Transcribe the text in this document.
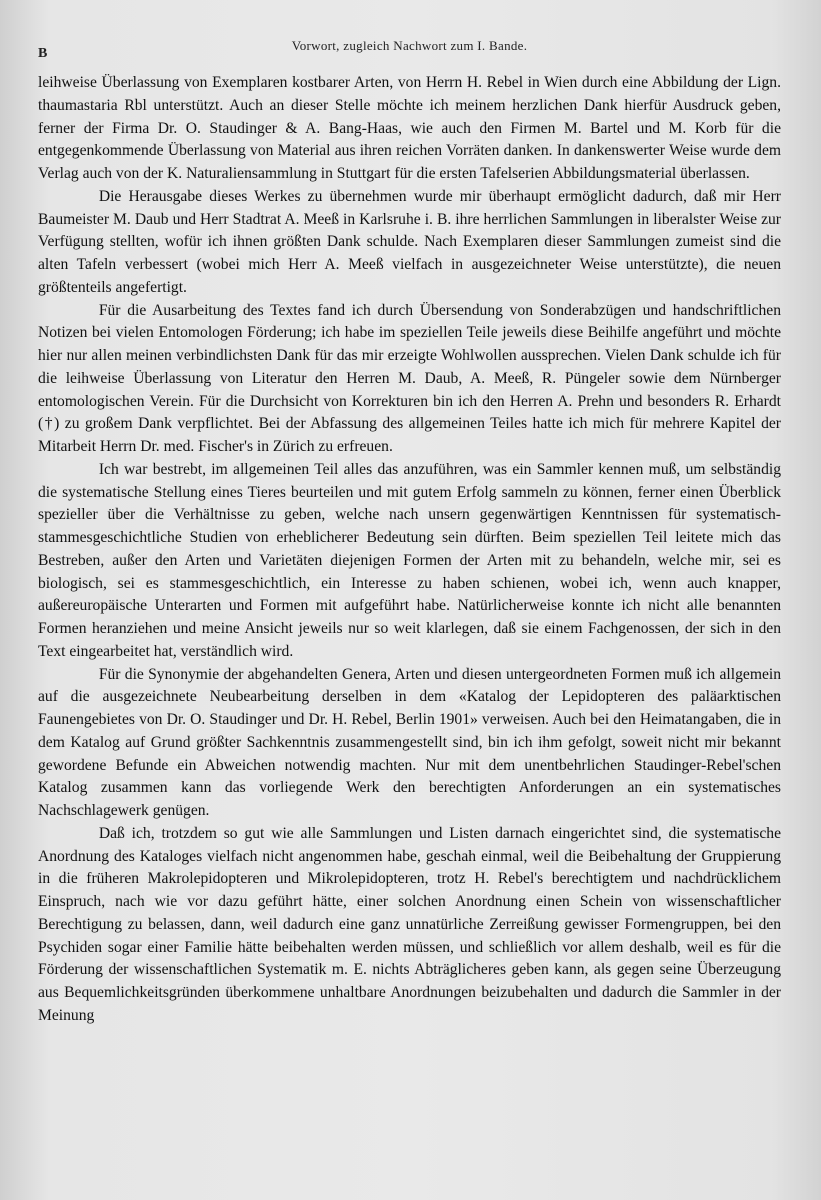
B
Vorwort, zugleich Nachwort zum I. Bande.

leihweise Überlassung von Exemplaren kostbarer Arten, von Herrn H. Rebel in Wien durch eine Abbildung der Lign. thaumastaria Rbl unterstützt. Auch an dieser Stelle möchte ich meinem herzlichen Dank hierfür Ausdruck geben, ferner der Firma Dr. O. Staudinger & A. Bang-Haas, wie auch den Firmen M. Bartel und M. Korb für die entgegenkommende Überlassung von Material aus ihren reichen Vorräten danken. In dankenswerter Weise wurde dem Verlag auch von der K. Naturaliensammlung in Stuttgart für die ersten Tafelserien Abbildungsmaterial überlassen.

Die Herausgabe dieses Werkes zu übernehmen wurde mir überhaupt ermöglicht dadurch, daß mir Herr Baumeister M. Daub und Herr Stadtrat A. Meeß in Karlsruhe i. B. ihre herrlichen Sammlungen in liberalster Weise zur Verfügung stellten, wofür ich ihnen größten Dank schulde. Nach Exemplaren dieser Sammlungen zumeist sind die alten Tafeln verbessert (wobei mich Herr A. Meeß vielfach in ausgezeichneter Weise unterstützte), die neuen größtenteils angefertigt.

Für die Ausarbeitung des Textes fand ich durch Übersendung von Sonderabzügen und handschriftlichen Notizen bei vielen Entomologen Förderung; ich habe im speziellen Teile jeweils diese Beihilfe angeführt und möchte hier nur allen meinen verbindlichsten Dank für das mir erzeigte Wohlwollen aussprechen. Vielen Dank schulde ich für die leihweise Überlassung von Literatur den Herren M. Daub, A. Meeß, R. Püngeler sowie dem Nürnberger entomologischen Verein. Für die Durchsicht von Korrekturen bin ich den Herren A. Prehn und besonders R. Erhardt (†) zu großem Dank verpflichtet. Bei der Abfassung des allgemeinen Teiles hatte ich mich für mehrere Kapitel der Mitarbeit Herrn Dr. med. Fischer's in Zürich zu erfreuen.

Ich war bestrebt, im allgemeinen Teil alles das anzuführen, was ein Sammler kennen muß, um selbständig die systematische Stellung eines Tieres beurteilen und mit gutem Erfolg sammeln zu können, ferner einen Überblick spezieller über die Verhältnisse zu geben, welche nach unsern gegenwärtigen Kenntnissen für systematisch-stammesgeschichtliche Studien von erheblicherer Bedeutung sein dürften. Beim speziellen Teil leitete mich das Bestreben, außer den Arten und Varietäten diejenigen Formen der Arten mit zu behandeln, welche mir, sei es biologisch, sei es stammesgeschichtlich, ein Interesse zu haben schienen, wobei ich, wenn auch knapper, außereuropäische Unterarten und Formen mit aufgeführt habe. Natürlicherweise konnte ich nicht alle benannten Formen heranziehen und meine Ansicht jeweils nur so weit klarlegen, daß sie einem Fachgenossen, der sich in den Text eingearbeitet hat, verständlich wird.

Für die Synonymie der abgehandelten Genera, Arten und diesen untergeordneten Formen muß ich allgemein auf die ausgezeichnete Neubearbeitung derselben in dem «Katalog der Lepidopteren des paläarktischen Faunengebietes von Dr. O. Staudinger und Dr. H. Rebel, Berlin 1901» verweisen. Auch bei den Heimatangaben, die in dem Katalog auf Grund größter Sachkenntnis zusammengestellt sind, bin ich ihm gefolgt, soweit nicht mir bekannt gewordene Befunde ein Abweichen notwendig machten. Nur mit dem unentbehrlichen Staudinger-Rebel'schen Katalog zusammen kann das vorliegende Werk den berechtigten Anforderungen an ein systematisches Nachschlagewerk genügen.

Daß ich, trotzdem so gut wie alle Sammlungen und Listen darnach eingerichtet sind, die systematische Anordnung des Kataloges vielfach nicht angenommen habe, geschah einmal, weil die Beibehaltung der Gruppierung in die früheren Makrolepidopteren und Mikrolepidopteren, trotz H. Rebel's berechtigtem und nachdrücklichem Einspruch, nach wie vor dazu geführt hätte, einer solchen Anordnung einen Schein von wissenschaftlicher Berechtigung zu belassen, dann, weil dadurch eine ganz unnatürliche Zerreißung gewisser Formengruppen, bei den Psychiden sogar einer Familie hätte beibehalten werden müssen, und schließlich vor allem deshalb, weil es für die Förderung der wissenschaftlichen Systematik m. E. nichts Abträglicheres geben kann, als gegen seine Überzeugung aus Bequemlichkeitsgründen überkommene unhaltbare Anordnungen beizubehalten und dadurch die Sammler in der Meinung
